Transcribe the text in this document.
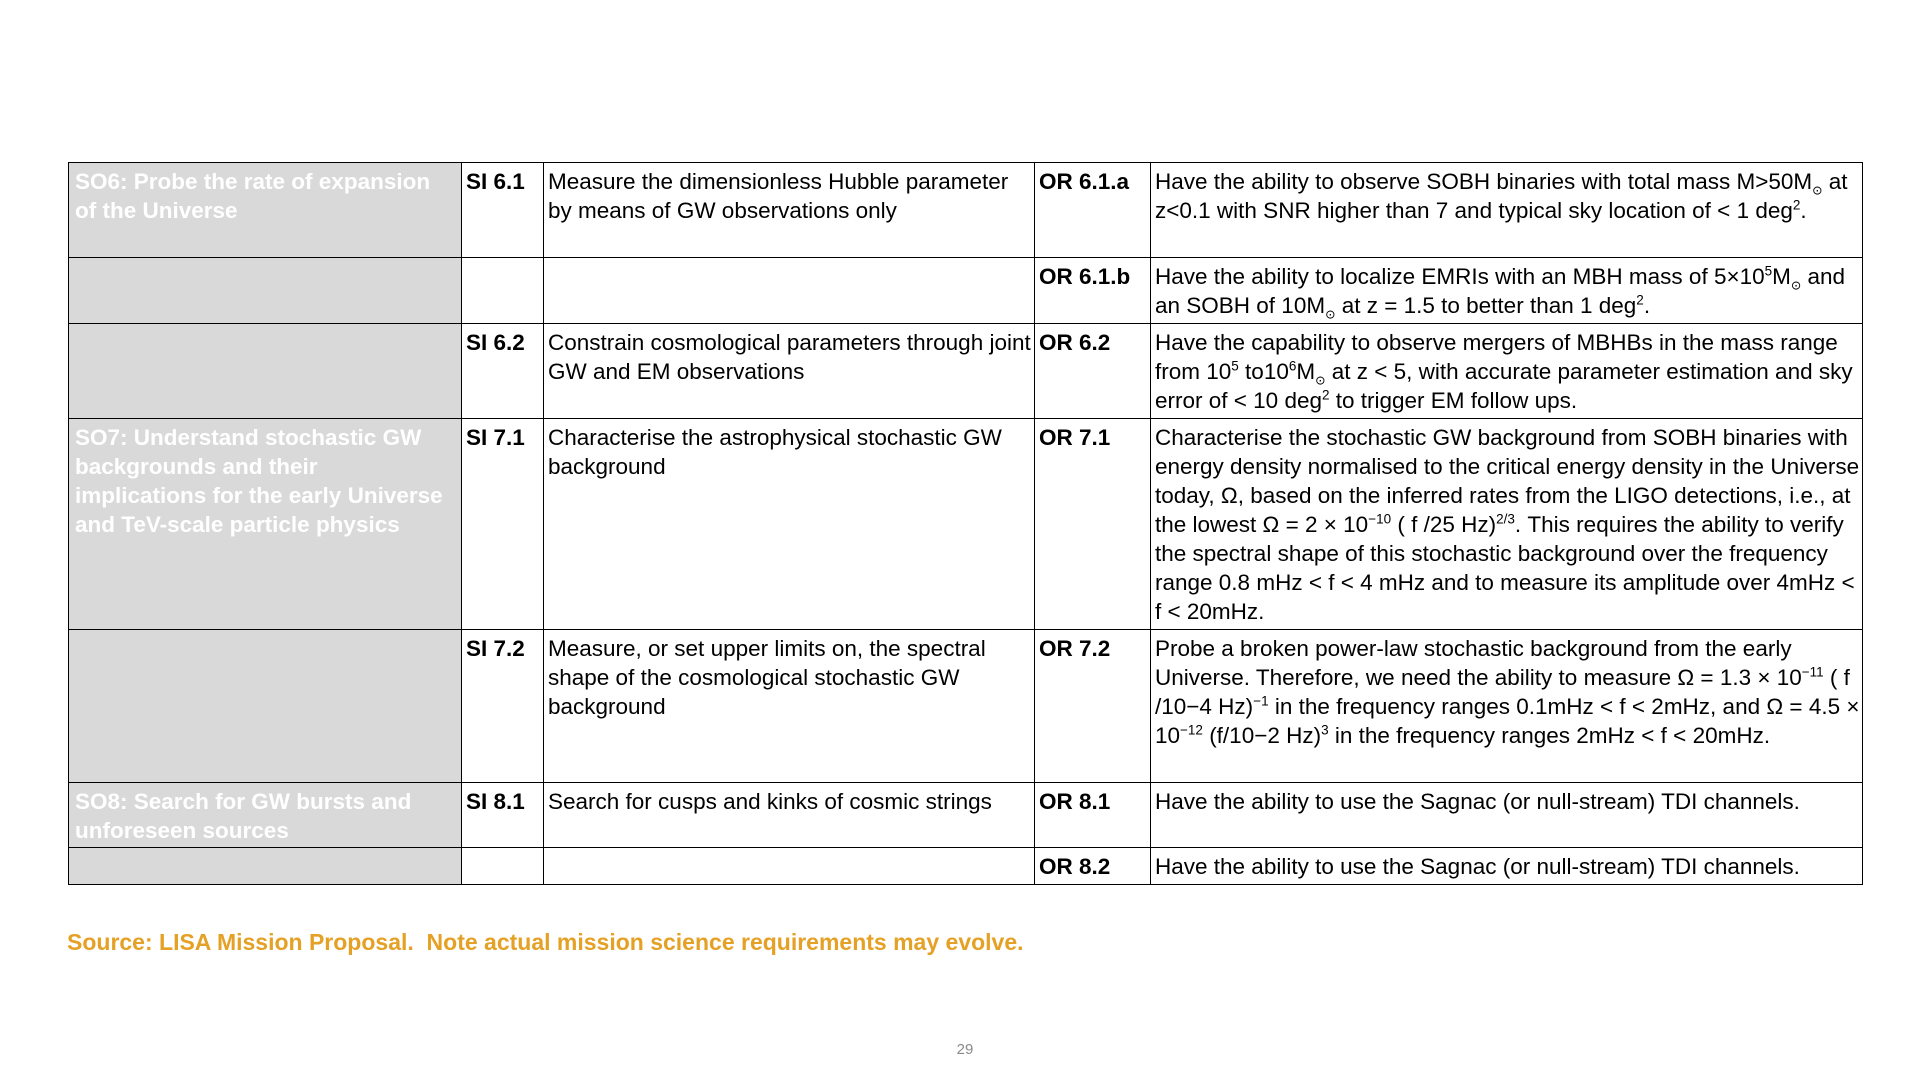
SO6: Probe the rate of expansion of the Universe	SI 6.1	Measure the dimensionless Hubble parameter by means of GW observations only	OR 6.1.a	Have the ability to observe SOBH binaries with total mass $M>50M_⊙$ at z<0.1 with SNR higher than 7 and typical sky location of < 1 deg$^2$.
			OR 6.1.b	Have the ability to localize EMRIs with an MBH mass of $5\times 10^5M_⊙$ and an SOBH of $10M_⊙$ at z = 1.5 to better than 1 deg$^2$.
	SI 6.2	Constrain cosmological parameters through joint GW and EM observations	OR 6.2	Have the capability to observe mergers of MBHBs in the mass range from $10^5$ $to10^6M_⊙$ at z < 5, with accurate parameter estimation and sky error of < 10 deg$^2$ to trigger EM follow ups.
SO7: Understand stochastic GW backgrounds and their implications for the early Universe and TeV-scale particle physics	SI 7.1	Characterise the astrophysical stochastic GW background	OR 7.1	Characterise the stochastic GW background from SOBH binaries with energy density normalised to the critical energy density in the Universe today, Ω, based on the inferred rates from the LIGO detections, i.e., at the lowest $\Omega = 2 \times 10^{-10}$ ( f /25 Hz)$^{2/3}$. This requires the ability to verify the spectral shape of this stochastic background over the frequency range 0.8 mHz < f < 4 mHz and to measure its amplitude over 4mHz < f < 20mHz.
	SI 7.2	Measure, or set upper limits on, the spectral shape of the cosmological stochastic GW background	OR 7.2	Probe a broken power-law stochastic background from the early Universe. Therefore, we need the ability to measure $\Omega = 1.3 \times 10^{-11}$ ( f /10−4 Hz)$^{-1}$ in the frequency ranges 0.1mHz < f < 2mHz, and $\Omega = 4.5 \times 10^{-12}$ (f/10−2 Hz)$^3$ in the frequency ranges 2mHz < f < 20mHz.
SO8: Search for GW bursts and unforeseen sources	SI 8.1	Search for cusps and kinks of cosmic strings	OR 8.1	Have the ability to use the Sagnac (or null-stream) TDI channels.
			OR 8.2	Have the ability to use the Sagnac (or null-stream) TDI channels.

Source: LISA Mission Proposal.  Note actual mission science requirements may evolve.

29
